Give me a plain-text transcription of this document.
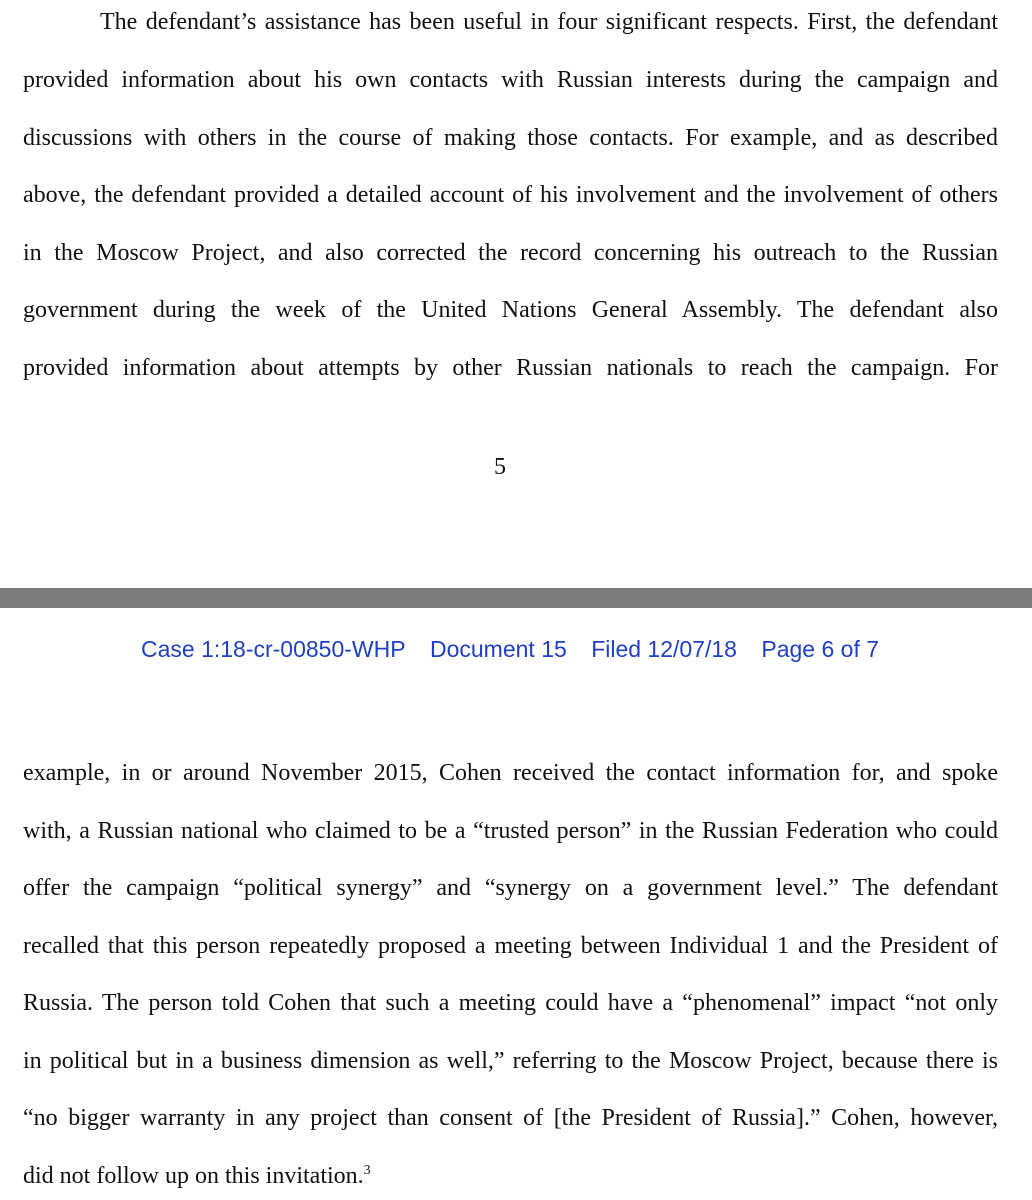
The defendant’s assistance has been useful in four significant respects. First, the defendant
provided information about his own contacts with Russian interests during the campaign and
discussions with others in the course of making those contacts. For example, and as described
above, the defendant provided a detailed account of his involvement and the involvement of others
in the Moscow Project, and also corrected the record concerning his outreach to the Russian
government during the week of the United Nations General Assembly. The defendant also
provided information about attempts by other Russian nationals to reach the campaign. For
5
Case 1:18-cr-00850-WHP Document 15 Filed 12/07/18 Page 6 of 7
example, in or around November 2015, Cohen received the contact information for, and spoke
with, a Russian national who claimed to be a “trusted person” in the Russian Federation who could
offer the campaign “political synergy” and “synergy on a government level.” The defendant
recalled that this person repeatedly proposed a meeting between Individual 1 and the President of
Russia. The person told Cohen that such a meeting could have a “phenomenal” impact “not only
in political but in a business dimension as well,” referring to the Moscow Project, because there is
“no bigger warranty in any project than consent of [the President of Russia].” Cohen, however,
did not follow up on this invitation.$^3$
